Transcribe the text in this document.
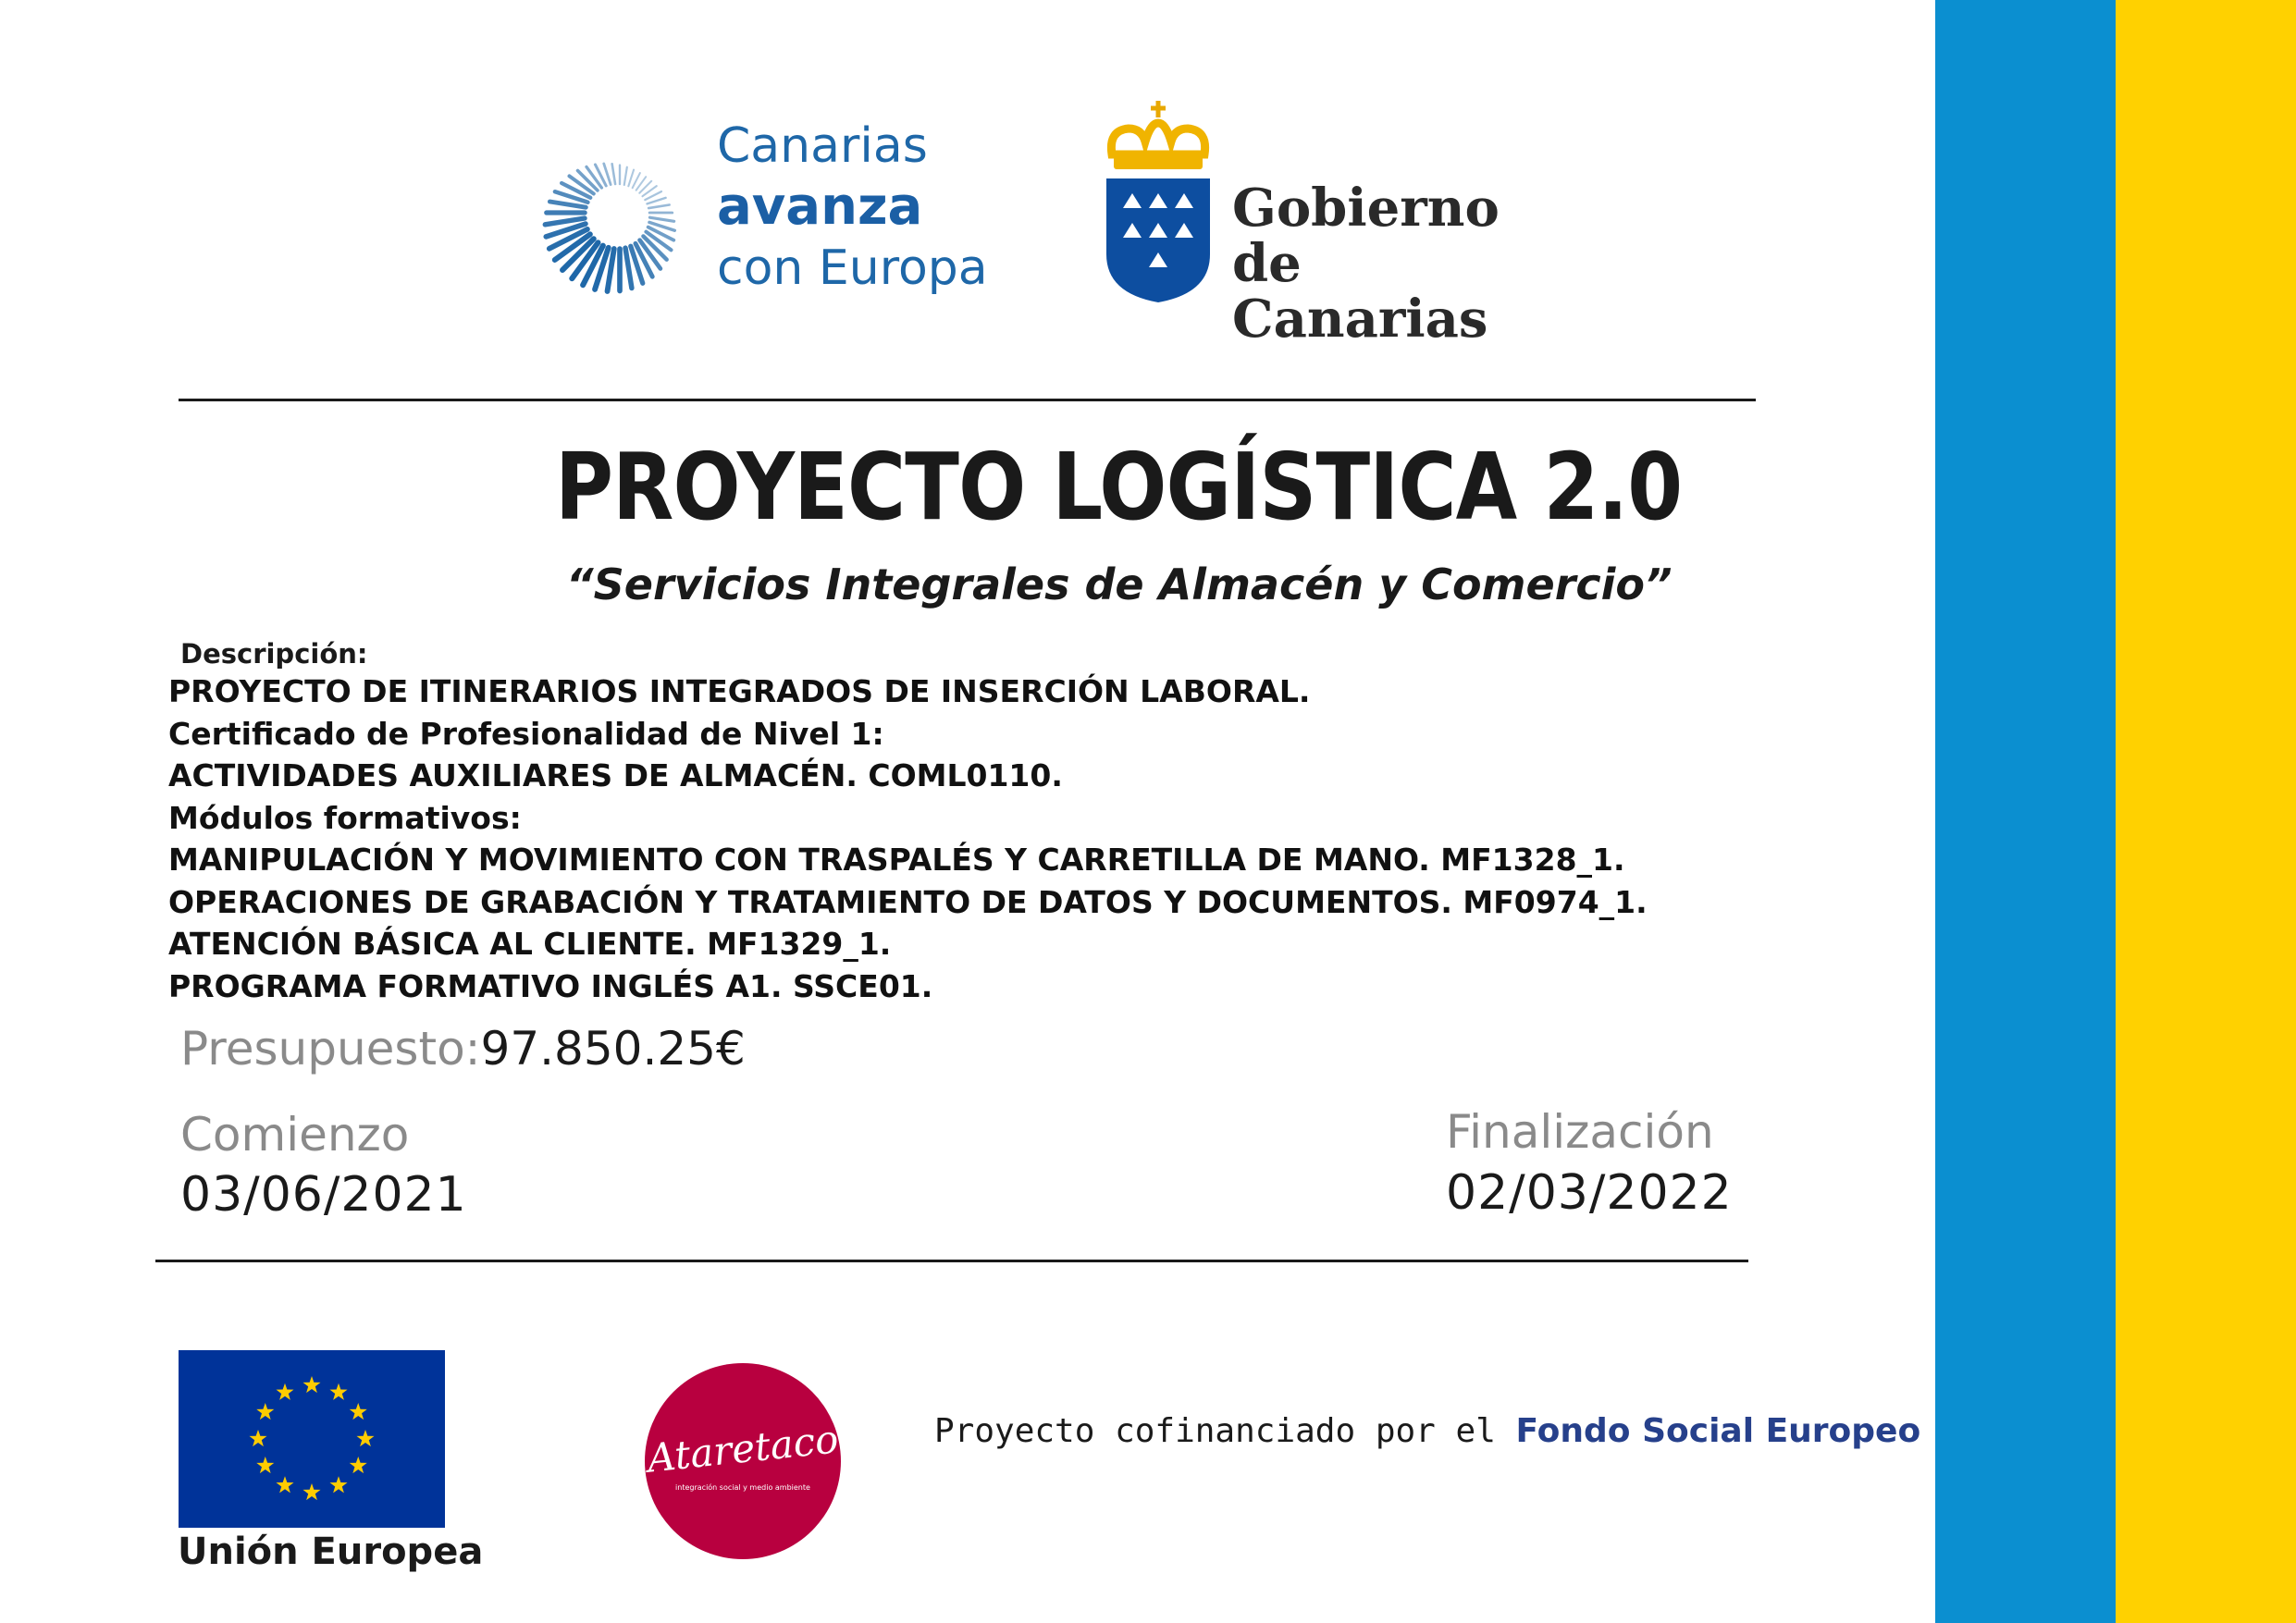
Canarias
avanza
con Europa
Gobierno
de Canarias
PROYECTO LOGÍSTICA 2.0
“Servicios Integrales de Almacén y Comercio”
Descripción:
PROYECTO DE ITINERARIOS INTEGRADOS DE INSERCIÓN LABORAL.
Certificado de Profesionalidad de Nivel 1:
ACTIVIDADES AUXILIARES DE ALMACÉN. COML0110.
Módulos formativos:
MANIPULACIÓN Y MOVIMIENTO CON TRASPALÉS Y CARRETILLA DE MANO. MF1328_1.
OPERACIONES DE GRABACIÓN Y TRATAMIENTO DE DATOS Y DOCUMENTOS. MF0974_1.
ATENCIÓN BÁSICA AL CLIENTE. MF1329_1.
PROGRAMA FORMATIVO INGLÉS A1. SSCE01.
Presupuesto:97.850.25€
Comienzo
03/06/2021
Finalización
02/03/2022
Unión Europea
Ataretaco
integración social y medio ambiente
Proyecto cofinanciado por el Fondo Social Europeo
